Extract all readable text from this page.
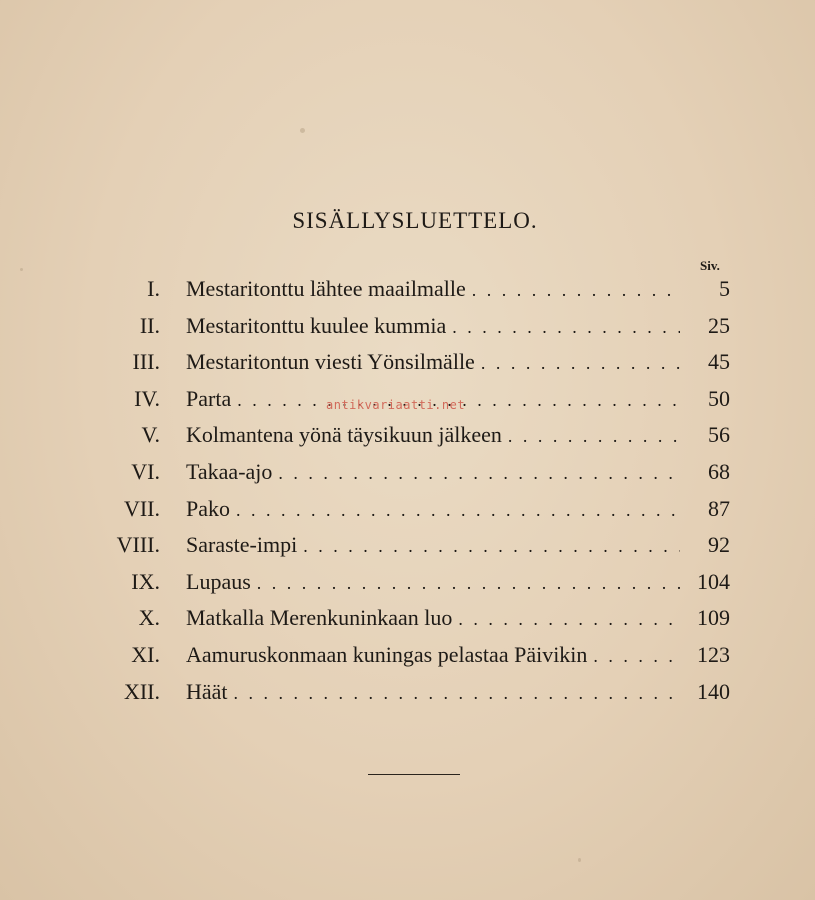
SISÄLLYSLUETTELO.
Siv.
I. Mestaritonttu lähtee maailmalle . . .	5
II. Mestaritonttu kuulee kummia . . .	25
III. Mestaritontun viesti Yönsilmälle . . .	45
IV. Parta . . .	50
V. Kolmantena yönä täysikuun jälkeen . . .	56
VI. Takaa-ajo . . .	68
VII. Pako . . .	87
VIII. Saraste-impi . . .	92
IX. Lupaus . . .	104
X. Matkalla Merenkuninkaan luo . . .	109
XI. Aamuruskonmaan kuningas pelastaa Päivikin . . .	123
XII. Häät . . .	140
antikvariaatti.net
